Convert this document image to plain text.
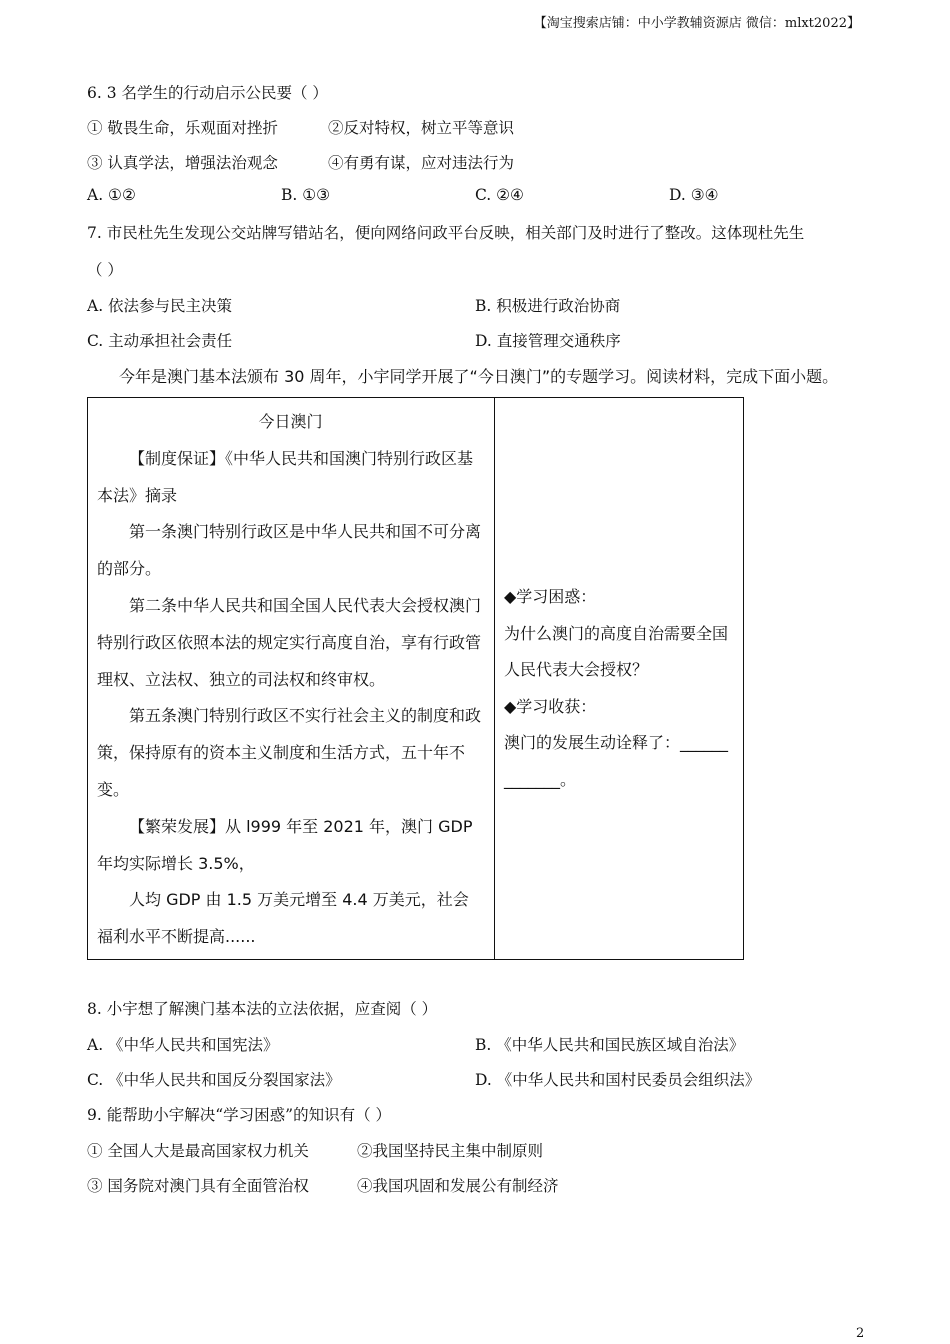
【淘宝搜索店铺：中小学教辅资源店 微信：mlxt2022】
6. 3 名学生的行动启示公民要（ ）
① 敬畏生命，乐观面对挫折	②反对特权，树立平等意识
③ 认真学法，增强法治观念	④有勇有谋，应对违法行为
A. ①②	B. ①③	C. ②④	D. ③④
7. 市民杜先生发现公交站牌写错站名，便向网络问政平台反映，相关部门及时进行了整改。这体现杜先生
（ ）
A. 依法参与民主决策	B. 积极进行政治协商
C. 主动承担社会责任	D. 直接管理交通秩序
今年是澳门基本法颁布 30 周年，小宇同学开展了“今日澳门”的专题学习。阅读材料，完成下面小题。

今日澳门

【制度保证】《中华人民共和国澳门特别行政区基本法》摘录

第一条澳门特别行政区是中华人民共和国不可分离的部分。

第二条中华人民共和国全国人民代表大会授权澳门特别行政区依照本法的规定实行高度自治，享有行政管理权、立法权、独立的司法权和终审权。

第五条澳门特别行政区不实行社会主义的制度和政策，保持原有的资本主义制度和生活方式，五十年不变。

【繁荣发展】从 l999 年至 2021 年，澳门 GDP 年均实际增长 3.5%，

人均 GDP 由 1.5 万美元增至 4.4 万美元，社会福利水平不断提高......

◆学习困惑：

为什么澳门的高度自治需要全国人民代表大会授权？

◆学习收获：

澳门的发展生动诠释了：_____________。

8. 小宇想了解澳门基本法的立法依据，应查阅（ ）
A. 《中华人民共和国宪法》	B. 《中华人民共和国民族区域自治法》
C. 《中华人民共和国反分裂国家法》	D. 《中华人民共和国村民委员会组织法》
9. 能帮助小宇解决“学习困惑”的知识有（ ）
① 全国人大是最高国家权力机关	②我国坚持民主集中制原则
③ 国务院对澳门具有全面管治权	④我国巩固和发展公有制经济
2
